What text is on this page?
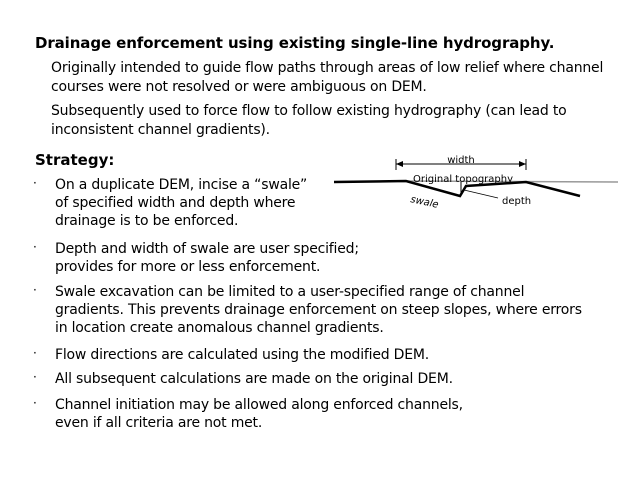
Drainage enforcement using existing single-line hydrography.
Originally intended to guide flow paths through areas of low relief where channel courses were not resolved or were ambiguous on DEM.
Subsequently used to force flow to follow existing hydrography (can lead to inconsistent channel gradients).
Strategy:
· On a duplicate DEM, incise a “swale”
of specified width and depth where
drainage is to be enforced.
· Depth and width of swale are user specified;
provides for more or less enforcement.
· Swale excavation can be limited to a user-specified range of channel
gradients. This prevents drainage enforcement on steep slopes, where errors
in location create anomalous channel gradients.
· Flow directions are calculated using the modified DEM.
· All subsequent calculations are made on the original DEM.
· Channel initiation may be allowed along enforced channels,
even if all criteria are not met.
width
Original topography
swale	depth
